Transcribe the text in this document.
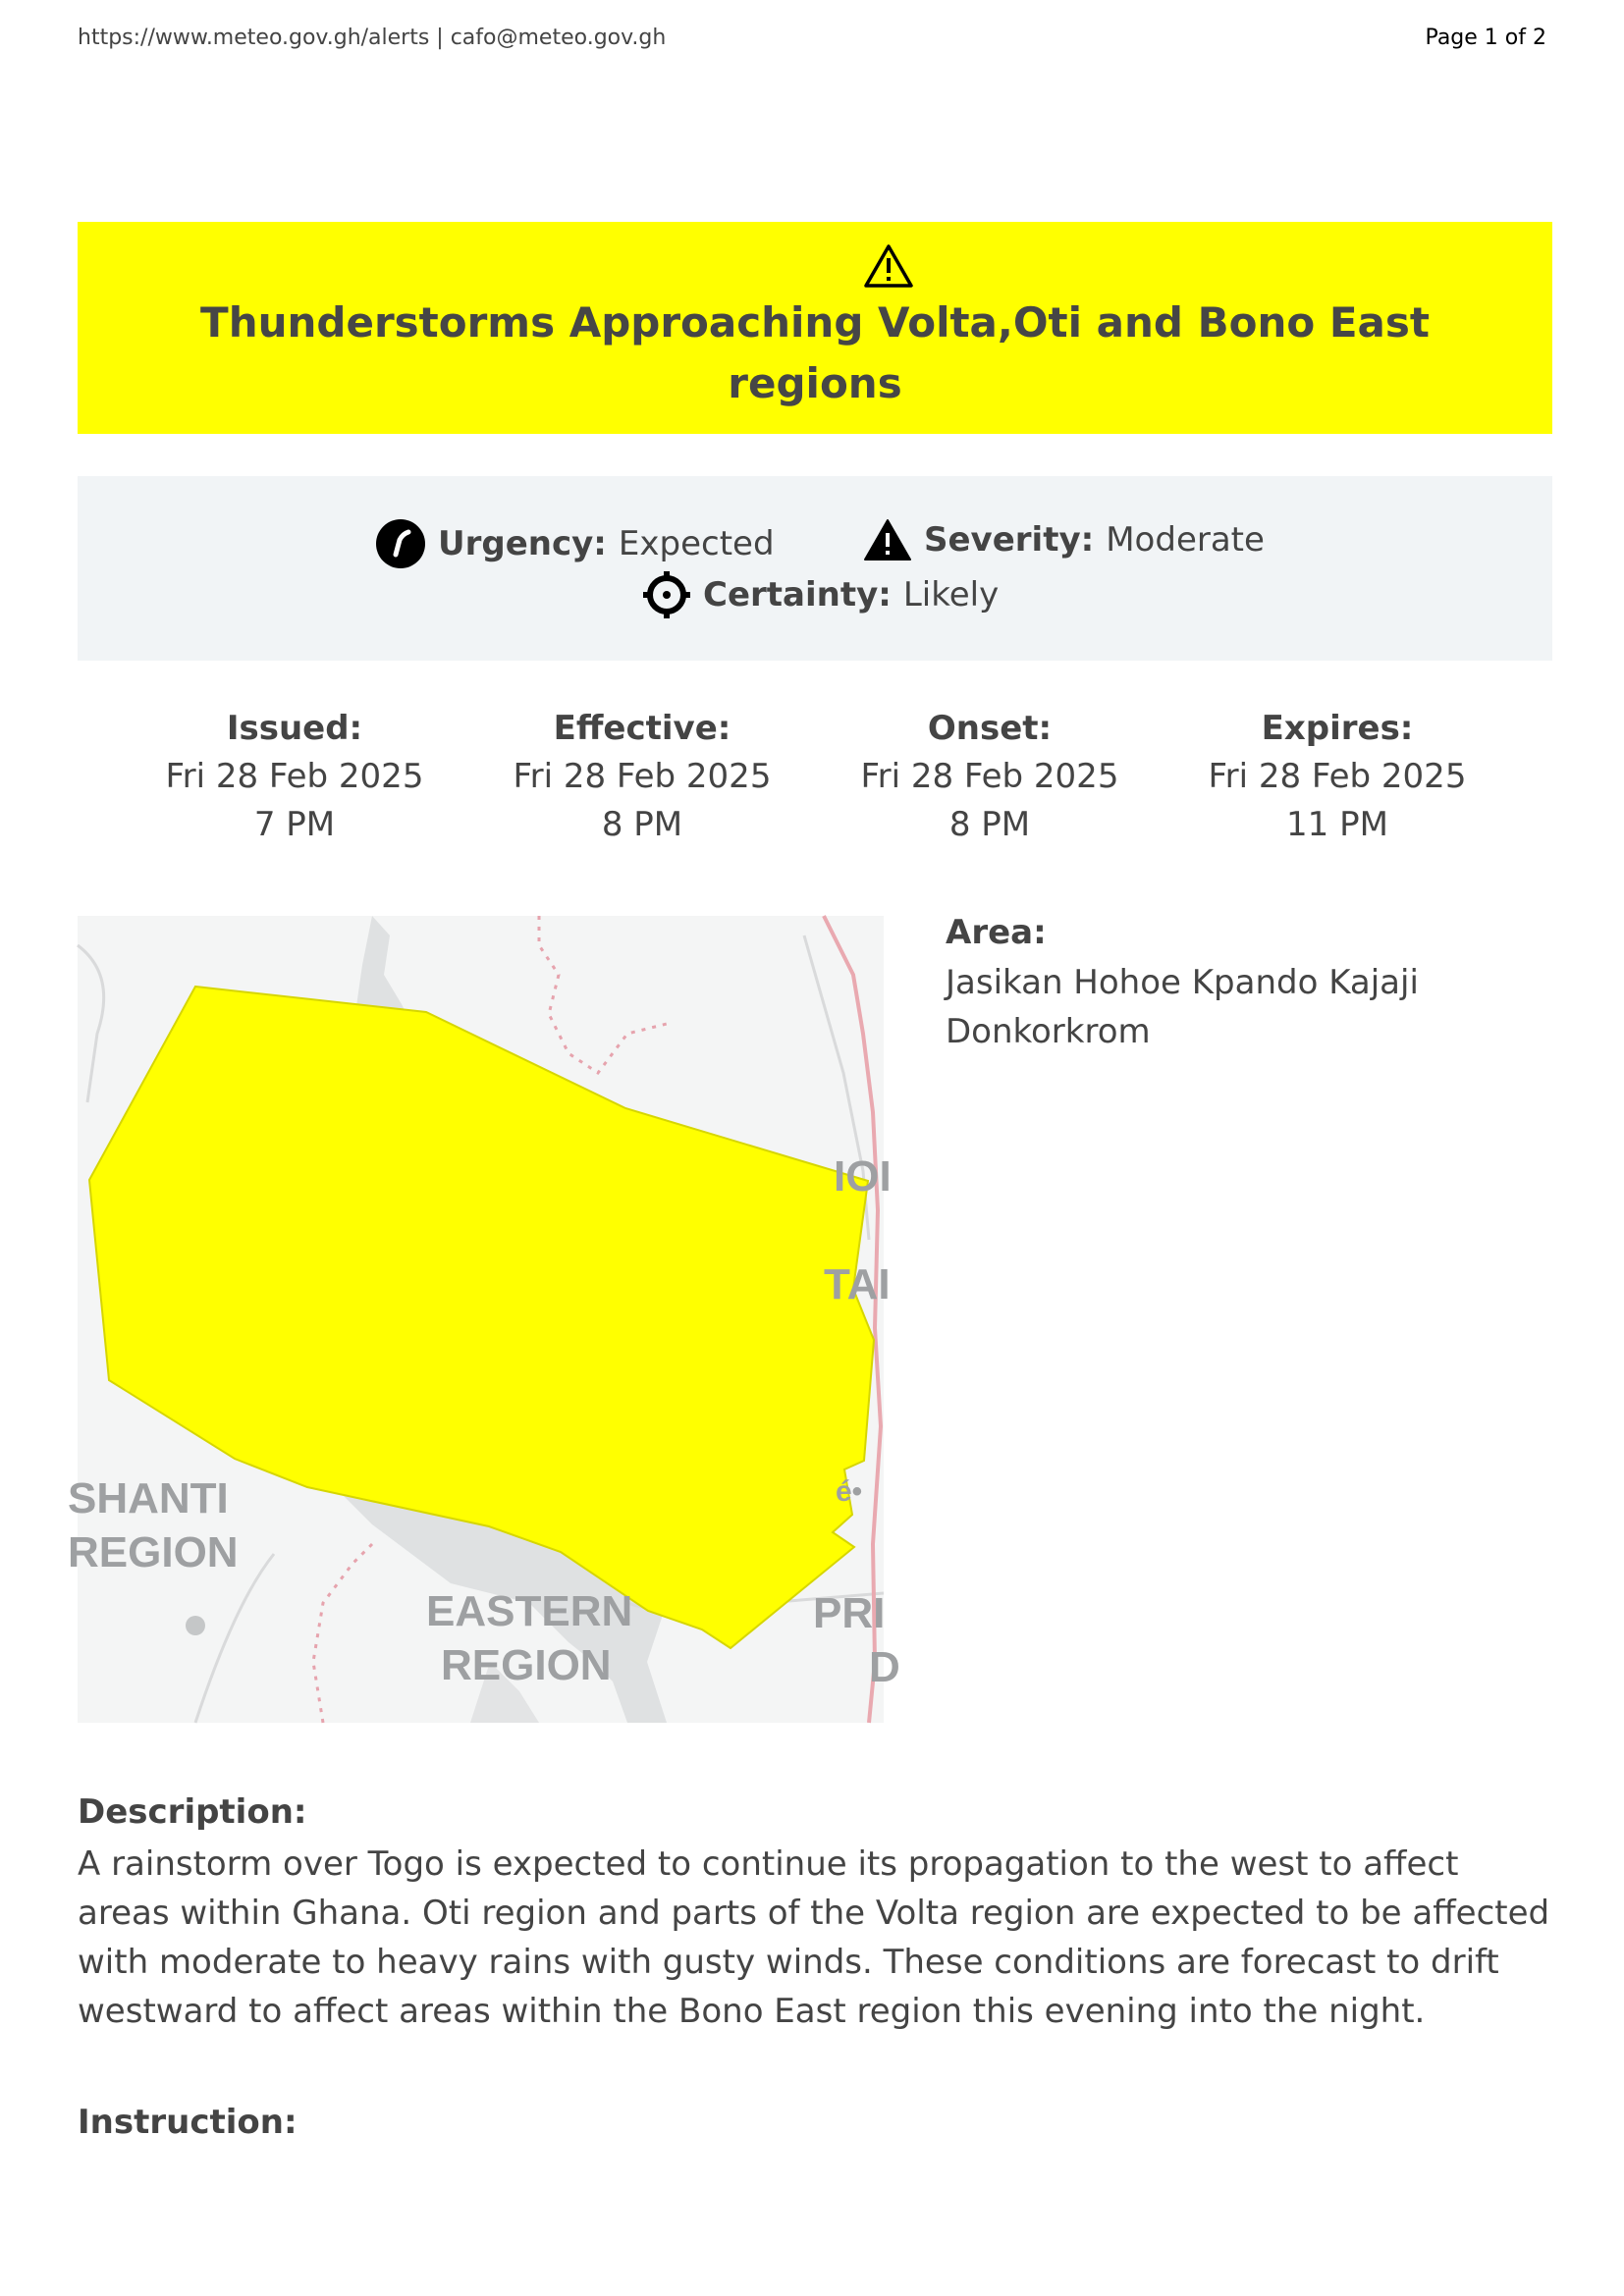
https://www.meteo.gov.gh/alerts | cafo@meteo.gov.gh	Page 1 of 2
Thunderstorms Approaching Volta,Oti and Bono East regions
Urgency: Expected	Severity: Moderate
Certainty: Likely
Issued:
Fri 28 Feb 2025
7 PM
Effective:
Fri 28 Feb 2025
8 PM
Onset:
Fri 28 Feb 2025
8 PM
Expires:
Fri 28 Feb 2025
11 PM
SHANTI
REGION
EASTERN
REGION
PRI
D
TAI
IOI
é•
Area:
Jasikan Hohoe Kpando Kajaji Donkorkrom
Description:
A rainstorm over Togo is expected to continue its propagation to the west to affect areas within Ghana. Oti region and parts of the Volta region are expected to be affected with moderate to heavy rains with gusty winds. These conditions are forecast to drift westward to affect areas within the Bono East region this evening into the night.
Instruction:
